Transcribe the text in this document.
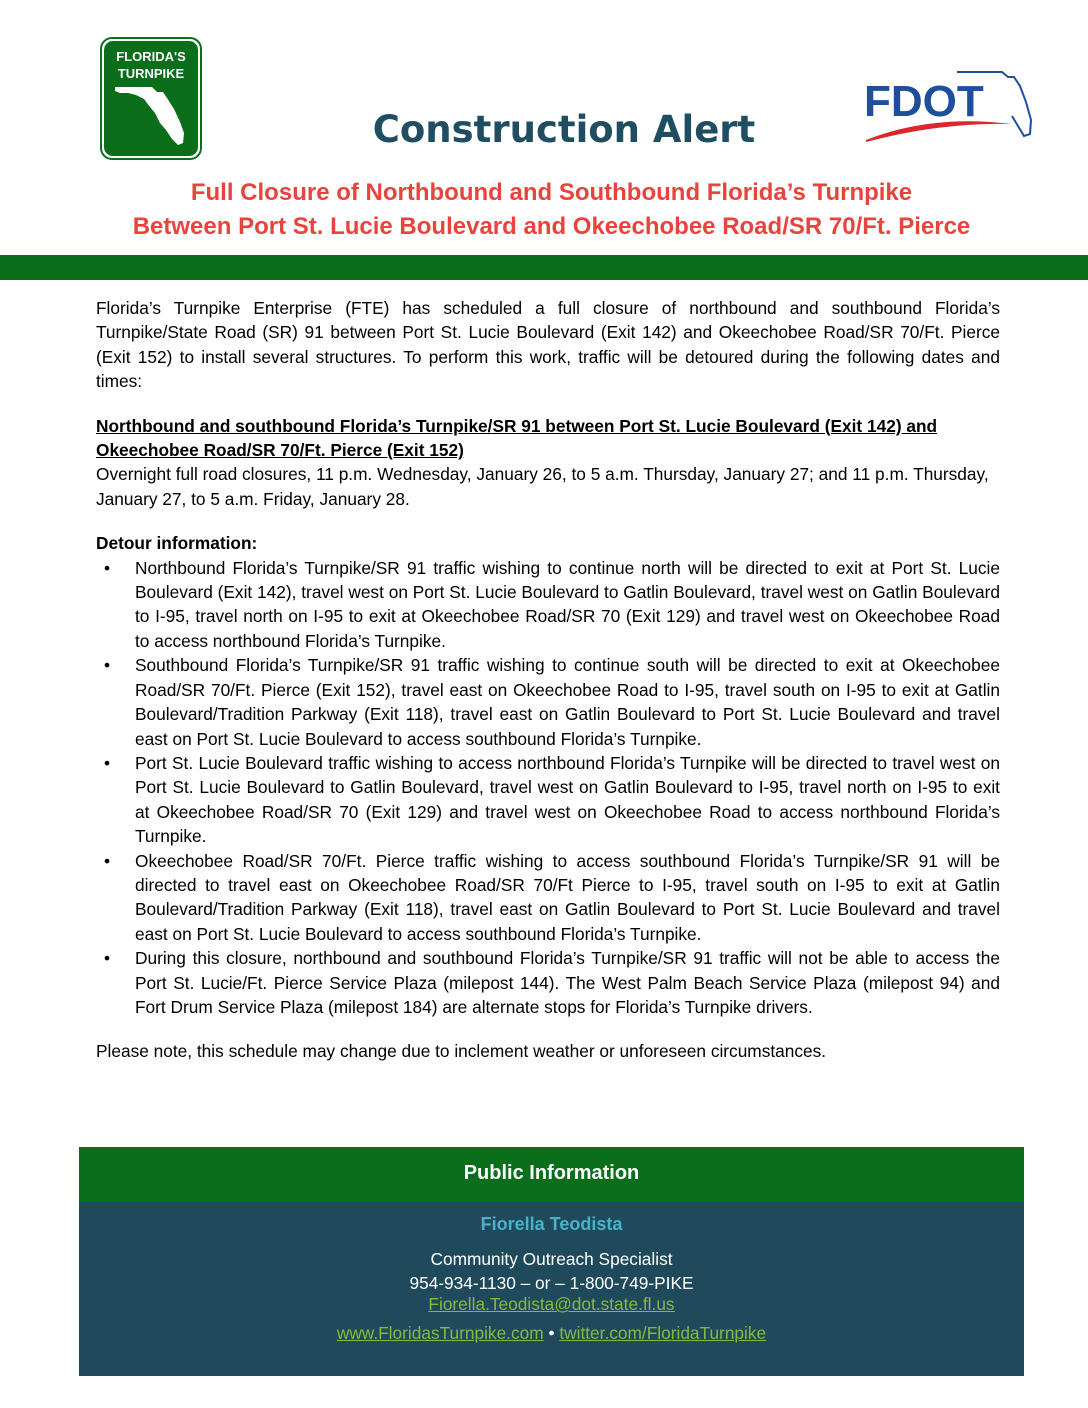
FLORIDA'S
TURNPIKE
FDOT
Construction Alert
Full Closure of Northbound and Southbound Florida’s Turnpike
Between Port St. Lucie Boulevard and Okeechobee Road/SR 70/Ft. Pierce

Florida’s Turnpike Enterprise (FTE) has scheduled a full closure of northbound and southbound Florida’s Turnpike/State Road (SR) 91 between Port St. Lucie Boulevard (Exit 142) and Okeechobee Road/SR 70/Ft. Pierce (Exit 152) to install several structures. To perform this work, traffic will be detoured during the following dates and times:

Northbound and southbound Florida’s Turnpike/SR 91 between Port St. Lucie Boulevard (Exit 142) and Okeechobee Road/SR 70/Ft. Pierce (Exit 152)

Overnight full road closures, 11 p.m. Wednesday, January 26, to 5 a.m. Thursday, January 27; and 11 p.m. Thursday, January 27, to 5 a.m. Friday, January 28.

Detour information:

• Northbound Florida’s Turnpike/SR 91 traffic wishing to continue north will be directed to exit at Port St. Lucie Boulevard (Exit 142), travel west on Port St. Lucie Boulevard to Gatlin Boulevard, travel west on Gatlin Boulevard to I-95, travel north on I-95 to exit at Okeechobee Road/SR 70 (Exit 129) and travel west on Okeechobee Road to access northbound Florida’s Turnpike.
• Southbound Florida’s Turnpike/SR 91 traffic wishing to continue south will be directed to exit at Okeechobee Road/SR 70/Ft. Pierce (Exit 152), travel east on Okeechobee Road to I-95, travel south on I-95 to exit at Gatlin Boulevard/Tradition Parkway (Exit 118), travel east on Gatlin Boulevard to Port St. Lucie Boulevard and travel east on Port St. Lucie Boulevard to access southbound Florida’s Turnpike.
• Port St. Lucie Boulevard traffic wishing to access northbound Florida’s Turnpike will be directed to travel west on Port St. Lucie Boulevard to Gatlin Boulevard, travel west on Gatlin Boulevard to I-95, travel north on I-95 to exit at Okeechobee Road/SR 70 (Exit 129) and travel west on Okeechobee Road to access northbound Florida’s Turnpike.
• Okeechobee Road/SR 70/Ft. Pierce traffic wishing to access southbound Florida’s Turnpike/SR 91 will be directed to travel east on Okeechobee Road/SR 70/Ft Pierce to I-95, travel south on I-95 to exit at Gatlin Boulevard/Tradition Parkway (Exit 118), travel east on Gatlin Boulevard to Port St. Lucie Boulevard and travel east on Port St. Lucie Boulevard to access southbound Florida’s Turnpike.
• During this closure, northbound and southbound Florida’s Turnpike/SR 91 traffic will not be able to access the Port St. Lucie/Ft. Pierce Service Plaza (milepost 144). The West Palm Beach Service Plaza (milepost 94) and Fort Drum Service Plaza (milepost 184) are alternate stops for Florida’s Turnpike drivers.

Please note, this schedule may change due to inclement weather or unforeseen circumstances.

Public Information
Fiorella Teodista
Community Outreach Specialist
954-934-1130 – or – 1-800-749-PIKE
Fiorella.Teodista@dot.state.fl.us
www.FloridasTurnpike.com • twitter.com/FloridaTurnpike
